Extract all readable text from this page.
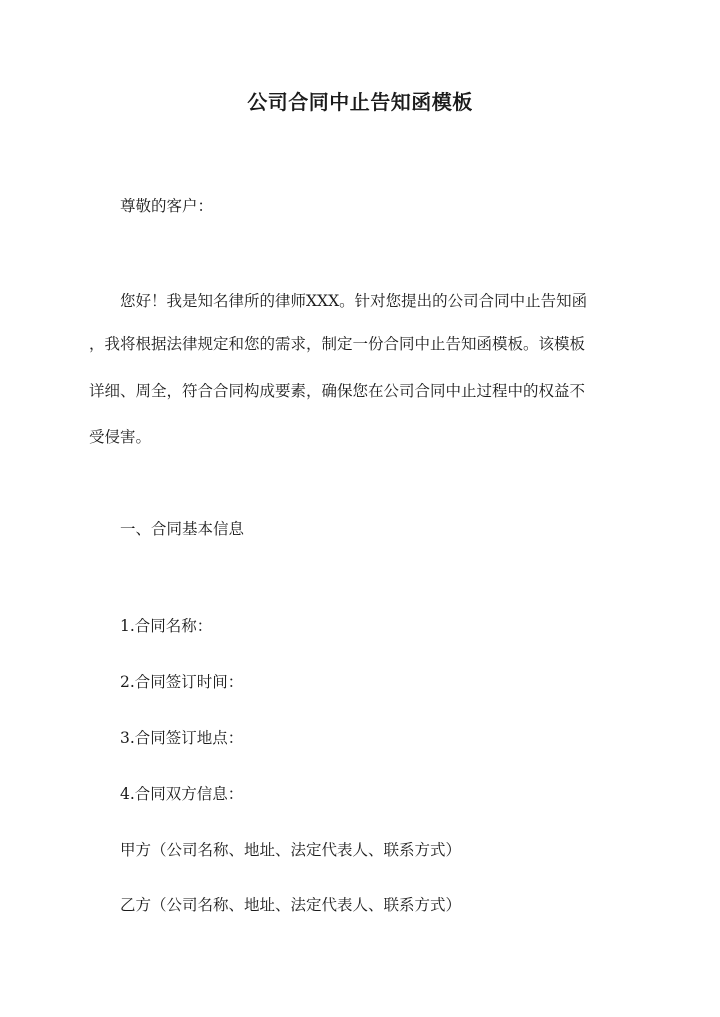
公司合同中止告知函模板
尊敬的客户：
您好！我是知名律所的律师XXX。针对您提出的公司合同中止告知函
，我将根据法律规定和您的需求，制定一份合同中止告知函模板。该模板
详细、周全，符合合同构成要素，确保您在公司合同中止过程中的权益不
受侵害。
一、合同基本信息
1.合同名称：
2.合同签订时间：
3.合同签订地点：
4.合同双方信息：
甲方（公司名称、地址、法定代表人、联系方式）
乙方（公司名称、地址、法定代表人、联系方式）
